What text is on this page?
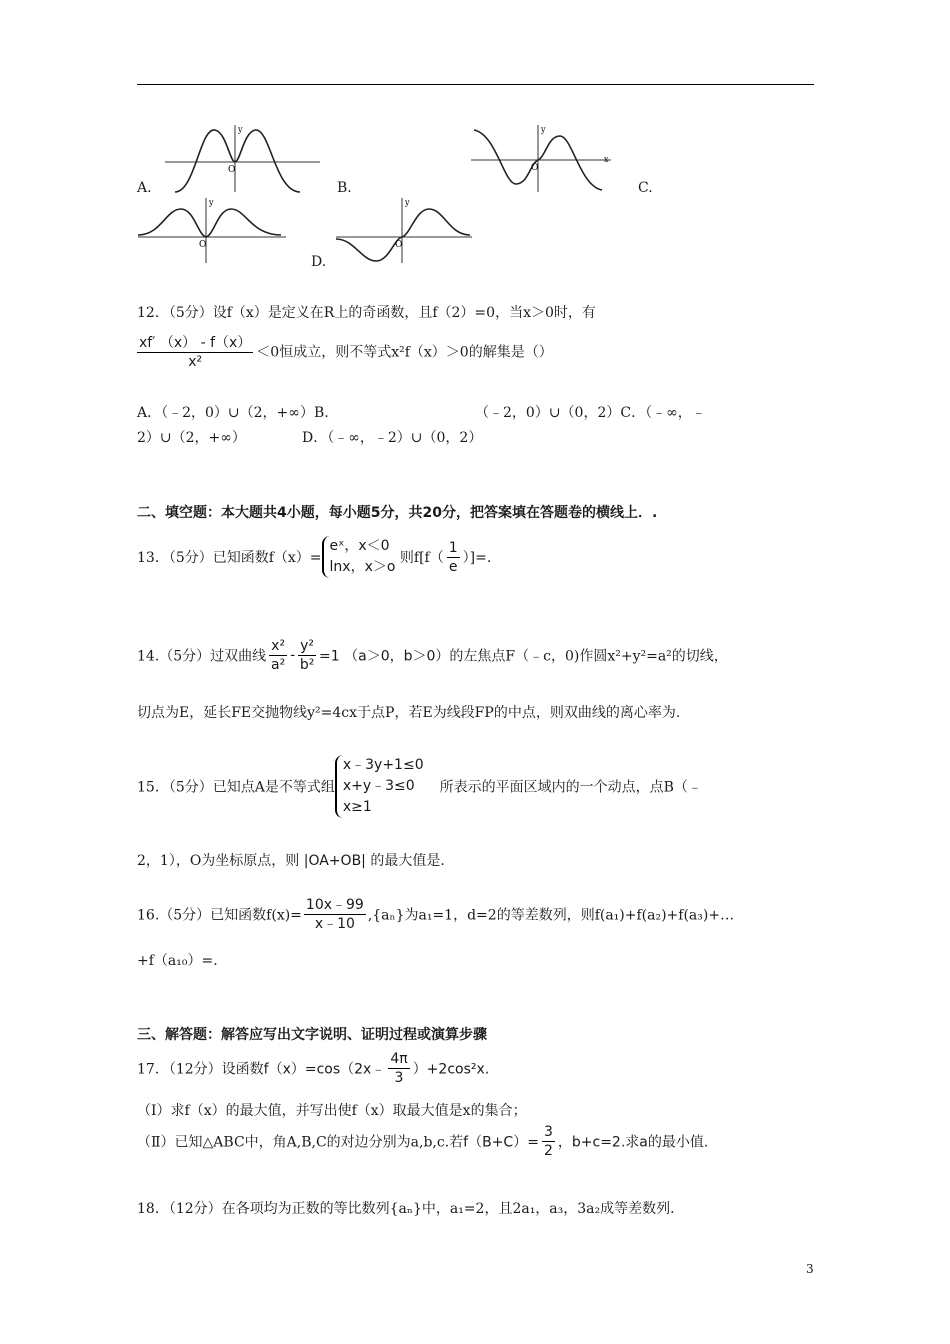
O
y
A.
O
y
x
B.	C.
O
y
O
y
D.
12．（5分）设f（x）是定义在R上的奇函数，且f（2）=0，当x＞0时，有
$\frac{xf' (x) - f(x)}{\text{x²}} <0$恒成立，则不等式x²f（x）＞0的解集是（）
A．（﹣2，0）∪（2，+∞）B.	（﹣2，0）∪（0，2）C．（﹣∞，﹣
2）∪（2，+∞）	D．（﹣∞，﹣2）∪（0，2）
二、填空题：本大题共4小题，每小题5分，共20分，把答案填在答题卷的横线上．.
13．（5分）已知函数f（x）=
eˣ，x＜0
lnx，x＞o
则$f[f( \frac{1}{e}$ ）]=.
14.（5分）过双曲线 $\frac{\text{x²}}{\text{a²}} - \frac{\text{y²}}{\text{b²}} =1$ （a＞0，b＞0）的左焦点F（﹣c，0)作圆x²+y²=a²的切线，
切点为E，延长FE交抛物线y²=4cx于点P，若E为线段FP的中点，则双曲线的离心率为.
15．（5分）已知点A是不等式组
x﹣3y+1≤0
x+y﹣3≤0
x≥1
所表示的平面区域内的一个动点，点B（﹣
2，1），O为坐标原点，则 |OA+OB| 的最大值是.
16.（5分）已知函数$f(x)= \frac{10x﹣99}{x﹣10} ,\{a_n\}$为a₁=1，d=2的等差数列，则f(a₁)+f(a₂)+f(a₃)+…
+f（a₁₀）=.
三、解答题：解答应写出文字说明、证明过程或演算步骤
17．（12分）设函数f（x）=cos（2x﹣ $\frac{4\pi}{3} )+2\cos^2x$.
（Ⅰ）求f（x）的最大值，并写出使f（x）取最大值是x的集合；
（Ⅱ）已知△ABC中，角A,B,C的对边分别为a,b,c.若$f(B+C)= \frac{3}{2}$ ，b+c=2.求a的最小值.
18．（12分）在各项均为正数的等比数列{aₙ}中，a₁=2，且2a₁，a₃，3a₂成等差数列.
3
